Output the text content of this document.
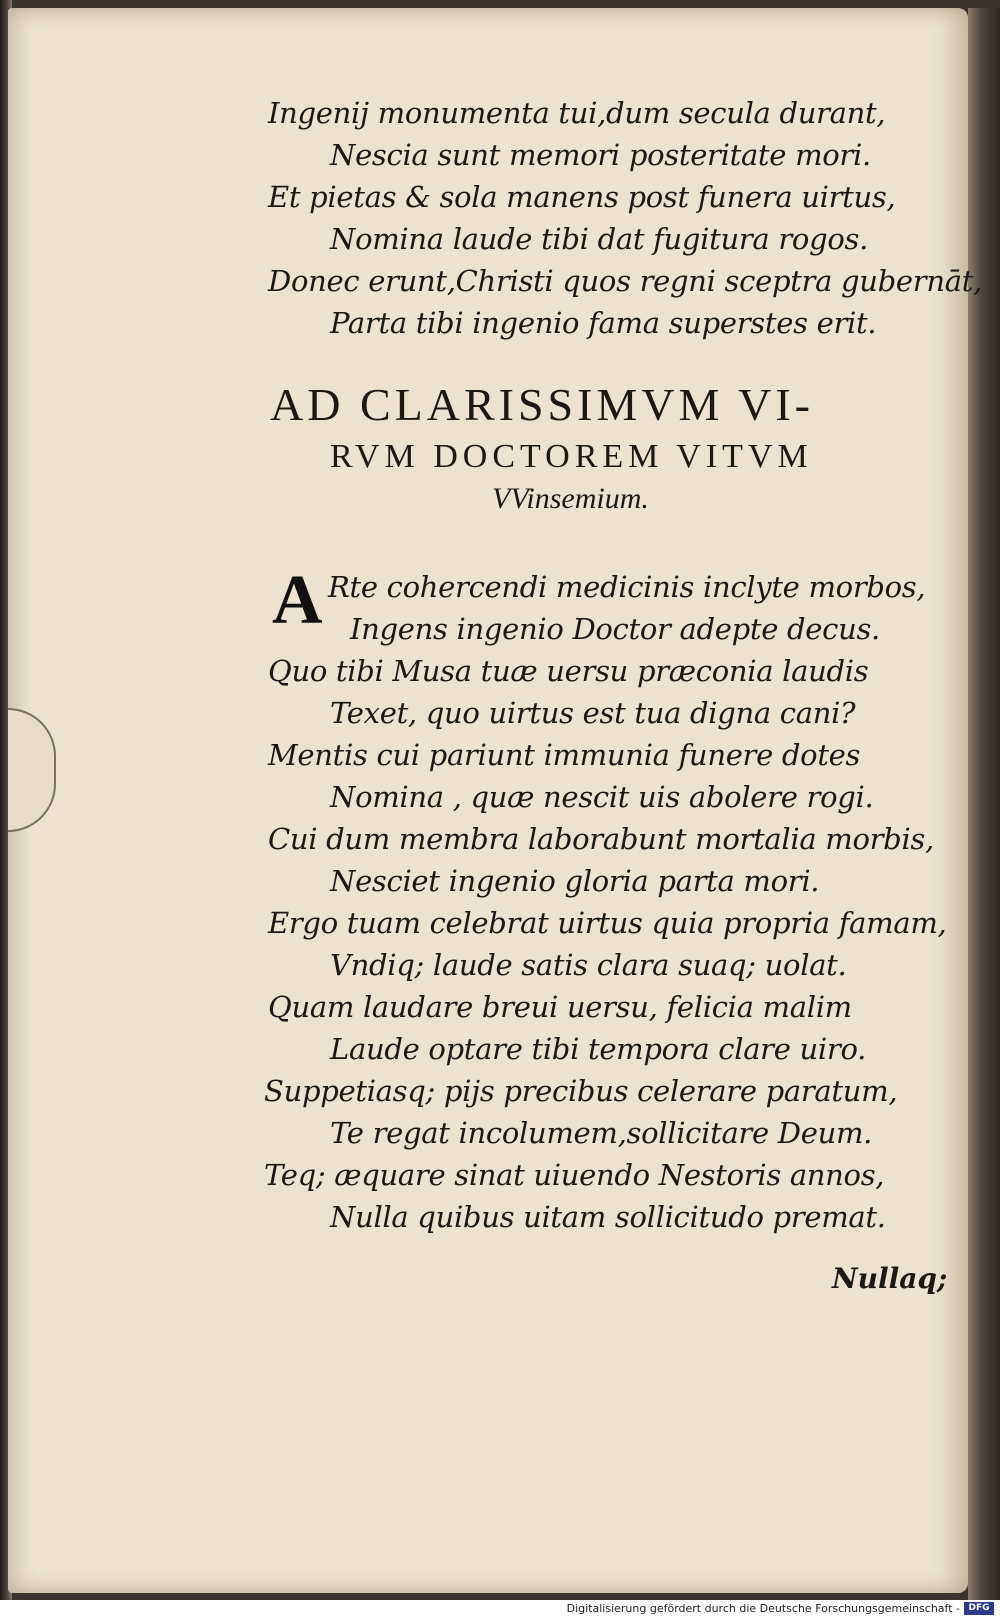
Ingenij monumenta tui,dum secula durant,

Nescia sunt memori posteritate mori.

Et pietas & sola manens post funera uirtus,

Nomina laude tibi dat fugitura rogos.

Donec erunt,Christi quos regni sceptra gubernāt,

Parta tibi ingenio fama superstes erit.

AD CLARISSIMVM VI-

RVM DOCTOREM VITVM

VVinsemium.

A Rte cohercendi medicinis inclyte morbos,

Ingens ingenio Doctor adepte decus.

Quo tibi Musa tuæ uersu præconia laudis

Texet, quo uirtus est tua digna cani?

Mentis cui pariunt immunia funere dotes

Nomina , quæ nescit uis abolere rogi.

Cui dum membra laborabunt mortalia morbis,

Nesciet ingenio gloria parta mori.

Ergo tuam celebrat uirtus quia propria famam,

Vndiq; laude satis clara suaq; uolat.

Quam laudare breui uersu, felicia malim

Laude optare tibi tempora clare uiro.

Suppetiasq; pijs precibus celerare paratum,

Te regat incolumem,sollicitare Deum.

Teq; æquare sinat uiuendo Nestoris annos,

Nulla quibus uitam sollicitudo premat.

Nullaq;
Digitalisierung gefördert durch die Deutsche Forschungsgemeinschaft - DFG
